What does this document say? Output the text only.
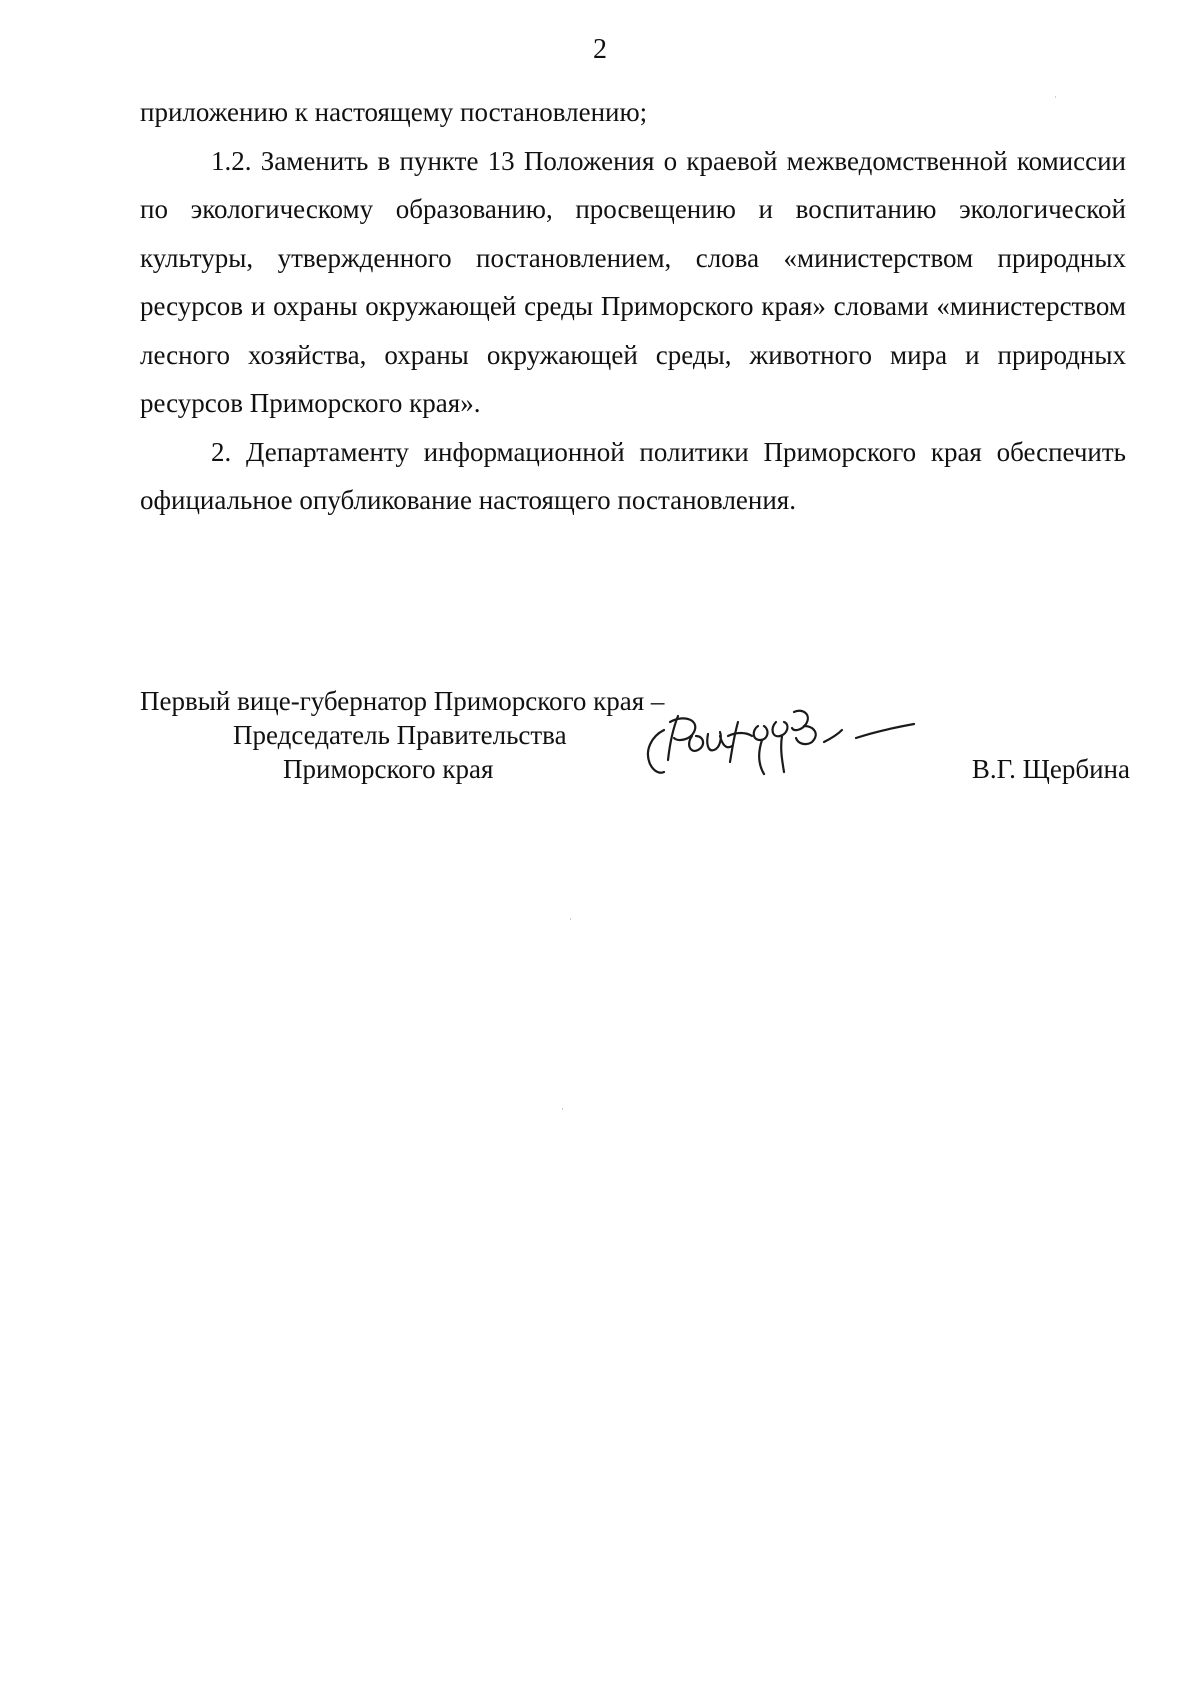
2

приложению к настоящему постановлению;

1.2. Заменить в пункте 13 Положения о краевой межведомственной комиссии по экологическому образованию, просвещению и воспитанию экологической культуры, утвержденного постановлением, слова «министерством природных ресурсов и охраны окружающей среды Приморского края» словами «министерством лесного хозяйства, охраны окружающей среды, животного мира и природных ресурсов Приморского края».

2. Департаменту информационной политики Приморского края обеспечить официальное опубликование настоящего постановления.

Первый вице-губернатор Приморского края –
Председатель Правительства
Приморского края	В.Г. Щербина
